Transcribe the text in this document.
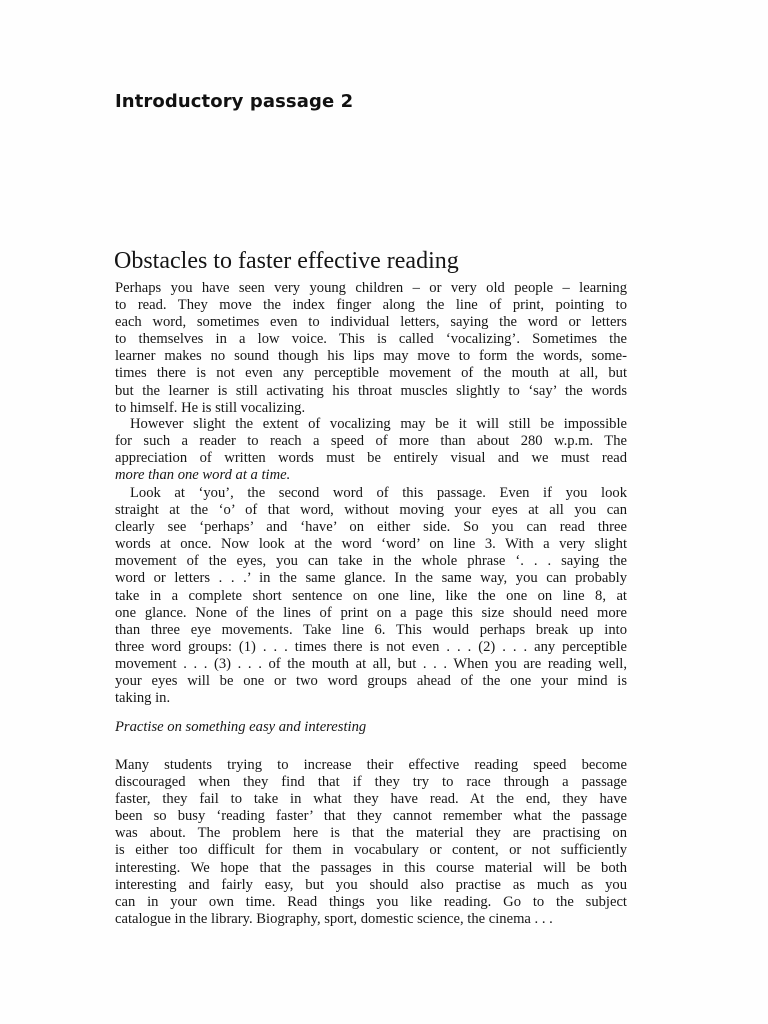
Introductory passage 2
Obstacles to faster effective reading
Perhaps you have seen very young children – or very old people – learning
to read. They move the index finger along the line of print, pointing to
each word, sometimes even to individual letters, saying the word or letters
to themselves in a low voice. This is called ‘vocalizing’. Sometimes the
learner makes no sound though his lips may move to form the words, some-
times there is not even any perceptible movement of the mouth at all, but
but the learner is still activating his throat muscles slightly to ‘say’ the words
to himself. He is still vocalizing.
However slight the extent of vocalizing may be it will still be impossible
for such a reader to reach a speed of more than about 280 w.p.m. The
appreciation of written words must be entirely visual and we must read
more than one word at a time.
Look at ‘you’, the second word of this passage. Even if you look
straight at the ‘o’ of that word, without moving your eyes at all you can
clearly see ‘perhaps’ and ‘have’ on either side. So you can read three
words at once. Now look at the word ‘word’ on line 3. With a very slight
movement of the eyes, you can take in the whole phrase ‘. . . saying the
word or letters . . .’ in the same glance. In the same way, you can probably
take in a complete short sentence on one line, like the one on line 8, at
one glance. None of the lines of print on a page this size should need more
than three eye movements. Take line 6. This would perhaps break up into
three word groups: (1) . . . times there is not even . . . (2) . . . any perceptible
movement . . . (3) . . . of the mouth at all, but . . . When you are reading well,
your eyes will be one or two word groups ahead of the one your mind is
taking in.
Practise on something easy and interesting
Many students trying to increase their effective reading speed become
discouraged when they find that if they try to race through a passage
faster, they fail to take in what they have read. At the end, they have
been so busy ‘reading faster’ that they cannot remember what the passage
was about. The problem here is that the material they are practising on
is either too difficult for them in vocabulary or content, or not sufficiently
interesting. We hope that the passages in this course material will be both
interesting and fairly easy, but you should also practise as much as you
can in your own time. Read things you like reading. Go to the subject
catalogue in the library. Biography, sport, domestic science, the cinema . . .
